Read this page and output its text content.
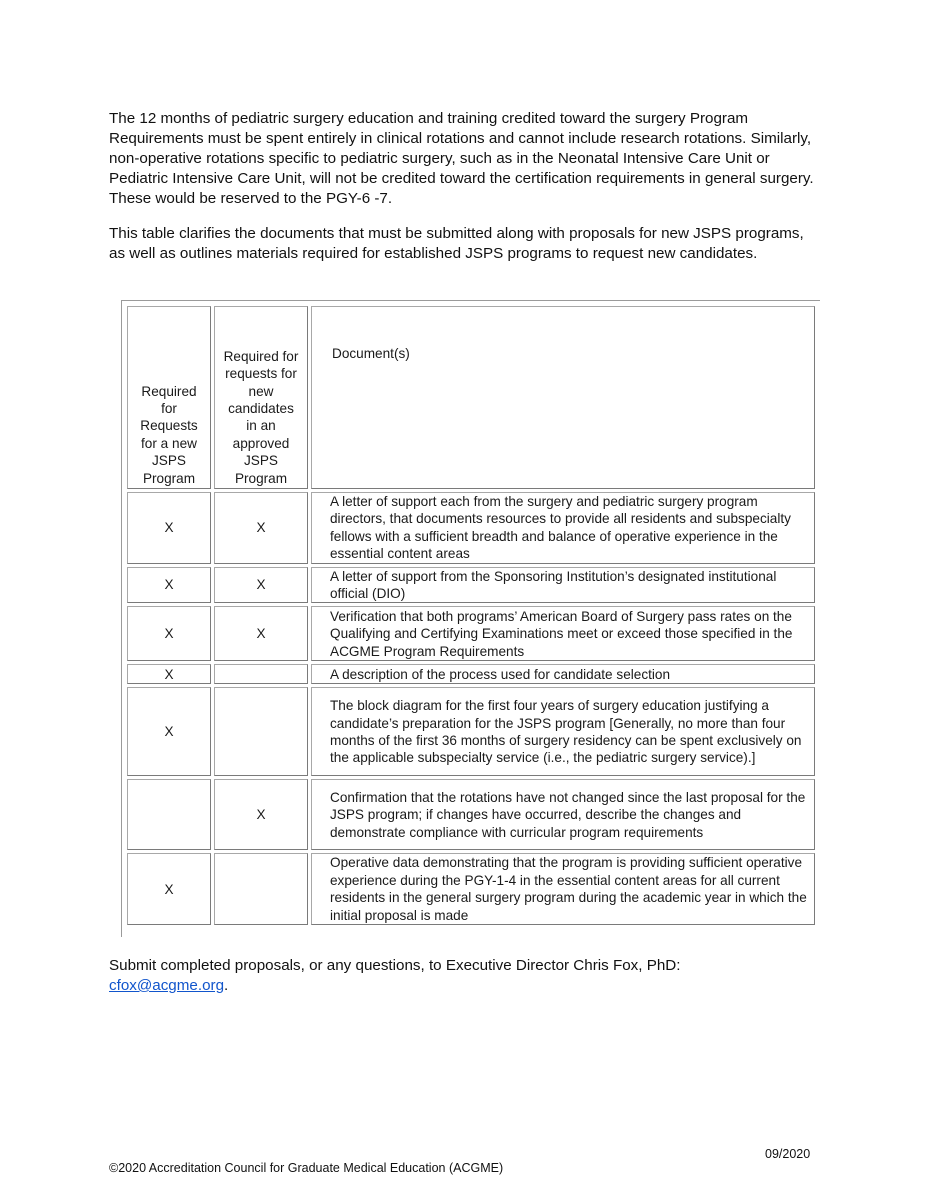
The 12 months of pediatric surgery education and training credited toward the surgery Program Requirements must be spent entirely in clinical rotations and cannot include research rotations. Similarly, non-operative rotations specific to pediatric surgery, such as in the Neonatal Intensive Care Unit or Pediatric Intensive Care Unit, will not be credited toward the certification requirements in general surgery. These would be reserved to the PGY-6 -7.

This table clarifies the documents that must be submitted along with proposals for new JSPS programs, as well as outlines materials required for established JSPS programs to request new candidates.

Required for Requests for a new JSPS Program	Required for requests for new candidates in an approved JSPS Program	Document(s)
X	X	A letter of support each from the surgery and pediatric surgery program directors, that documents resources to provide all residents and subspecialty fellows with a sufficient breadth and balance of operative experience in the essential content areas
X	X	A letter of support from the Sponsoring Institution’s designated institutional official (DIO)
X	X	Verification that both programs’ American Board of Surgery pass rates on the Qualifying and Certifying Examinations meet or exceed those specified in the ACGME Program Requirements
X		A description of the process used for candidate selection
X		The block diagram for the first four years of surgery education justifying a candidate’s preparation for the JSPS program [Generally, no more than four months of the first 36 months of surgery residency can be spent exclusively on the applicable subspecialty service (i.e., the pediatric surgery service).]
	X	Confirmation that the rotations have not changed since the last proposal for the JSPS program; if changes have occurred, describe the changes and demonstrate compliance with curricular program requirements
X		Operative data demonstrating that the program is providing sufficient operative experience during the PGY-1-4 in the essential content areas for all current residents in the general surgery program during the academic year in which the initial proposal is made

Submit completed proposals, or any questions, to Executive Director Chris Fox, PhD:
cfox@acgme.org.

09/2020
©2020 Accreditation Council for Graduate Medical Education (ACGME)
